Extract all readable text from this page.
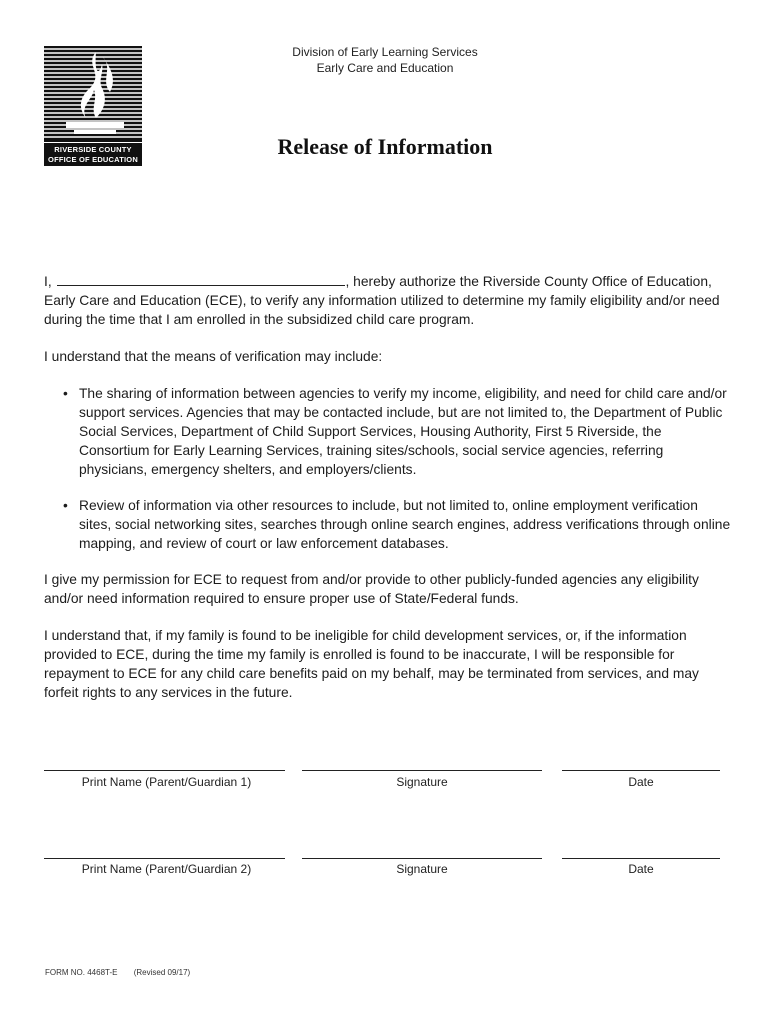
RIVERSIDE COUNTY
OFFICE OF EDUCATION
Division of Early Learning Services
Early Care and Education
Release of Information
I,	, hereby authorize the Riverside County Office of Education, Early Care and Education (ECE), to verify any information utilized to determine my family eligibility and/or need during the time that I am enrolled in the subsidized child care program.
I understand that the means of verification may include:
• The sharing of information between agencies to verify my income, eligibility, and need for child care and/or support services. Agencies that may be contacted include, but are not limited to, the Department of Public Social Services, Department of Child Support Services, Housing Authority, First 5 Riverside, the Consortium for Early Learning Services, training sites/schools, social service agencies, referring physicians, emergency shelters, and employers/clients.
• Review of information via other resources to include, but not limited to, online employment verification sites, social networking sites, searches through online search engines, address verifications through online mapping, and review of court or law enforcement databases.
I give my permission for ECE to request from and/or provide to other publicly-funded agencies any eligibility and/or need information required to ensure proper use of State/Federal funds.
I understand that, if my family is found to be ineligible for child development services, or, if the information provided to ECE, during the time my family is enrolled is found to be inaccurate, I will be responsible for repayment to ECE for any child care benefits paid on my behalf, may be terminated from services, and may forfeit rights to any services in the future.
Print Name (Parent/Guardian 1)	Signature	Date
Print Name (Parent/Guardian 2)	Signature	Date
FORM NO. 4468T-E (Revised 09/17)
